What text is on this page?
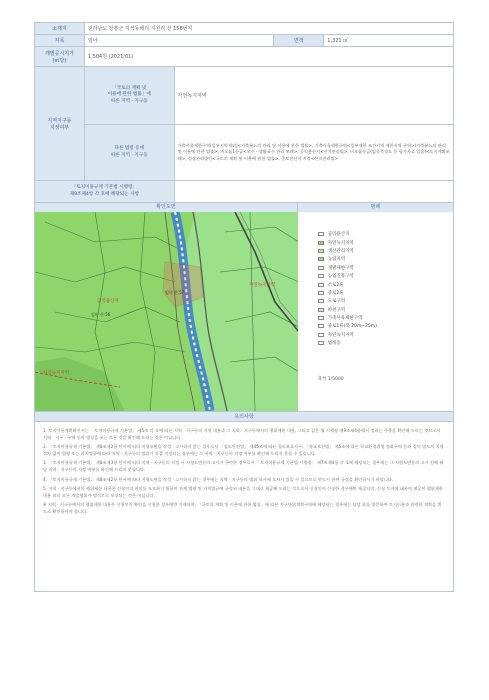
소재지	전라남도 장흥군 지석동해리 지원리 산 156번지			
지목	임야		면적	1,321 ㎡
개별공시지가
(㎡당)	1,504원 (2021/01)			
지역지구등
지정여부	「국토의 계획 및
이용에 관한 법률」에
따른 지역 · 지구등	자연녹지지역		
	다른 법령 등에
따른 지역 · 지구등	가축사육제한구역(일부지역제외)<가축분뇨의 관리 및 이용에 관한 법률>, 가축사육제한구역<일부제한 조건지역 제한지역 구역>(가축분뇨의 관리 및 이용에 관한 법률>, 비오톱1등급<오수 · 생활하수 관리 조례>, 공익용산지<산지관리법>, 비오톱등급(임목축적도 등 평가자료 있음)<도시계획조례>, 성장관리방안<국토의 계획 및 이용에 관한 법률>, 준보전산지 지정<산지관리법>		
「토지이용규제 기본법 시행령」
제9조제4항 각 호에 해당되는 사항				
확인도면	범례
공익용산지
임야 산 56
임야 산 57
자연녹지지역
자연녹지지역
공익용산지
자연녹지지역
생산관리지역
농림지역
개발제한구역
농업진흥구역
소로2류
중로2류
도로구역
하천구역
가축사육제한구역
중로1류(폭 20m~25m)
자연녹지지역
법정동
축척 1/5000
유의사항

1. 토지이용계획확인서는 「토지이용규제 기본법」 제5조 각 호에 따른 지역 · 지구등의 지정 내용과 그 지역 · 지구등에서의 행위제한 내용, 그리고 같은 법 시행령 제9조제4항에서 정하는 사항을 확인해 드리는 것으로서 지역 · 지구 · 구역 등의 명칭을 쓰는 모든 것을 확인해 드리는 것은 아닙니다.

2. 「토지이용규제 기본법」 제8조제2항 단서에 따라 지형도면을 작성 · 고시하지 않는 경우로서 「철도안전법」 제45조에 따른 철도보호지구, 「학교보건법」 제5조에 따른 학교환경위생 정화구역 등과 같이 별도의 지정 절차 없이 법령 또는 자치법규에 따라 지역 · 지구등의 범위가 직접 지정되는 경우에는 그 지역 · 지구등의 지정 여부를 확인해 드리지 못할 수 있습니다.

3. 「토지이용규제 기본법」 제8조제3항 단서에 따라 지역 · 지구등의 지정 시 지형도면등의 고시가 곤란한 경우로서 「토지이용규제 기본법 시행령」 제7조제4항 각 호에 해당되는 경우에는 그 지형도면등의 고시 전에 해당 지역 · 지구등의 지정 여부를 확인해 드리지 못합니다.

4. 「토지이용규제 기본법」 제8조제2항 단서에 따라 지형도면을 작성 · 고시하지 않는 경우에는 지역 · 지구등의 범위 표시에 오차가 있을 수 있으므로 반드시 관련 규정을 확인하시기 바랍니다.

5. 지역 · 지구등에서의 행위제한 내용은 신청인의 편의를 도모하기 위하여 관계 법령 및 자치법규에 규정된 내용을 그대로 제공해 드리는 것으로서 신청인이 신청한 경우에만 제공되며, 신청 토지에 대하여 제공된 행위제한 내용 외의 모든 개발행위가 법적으로 보장되는 것은 아닙니다.

※ 지역 · 지구등에서의 행위제한 내용은 신청인이 확인을 신청한 경우에만 기재되며, 「국토의 계획 및 이용에 관한 법률」에 따른 지구단위계획구역에 해당하는 경우에는 담당 과를 방문하여 토지이용과 관련한 계획을 별도로 확인하셔야 합니다.
